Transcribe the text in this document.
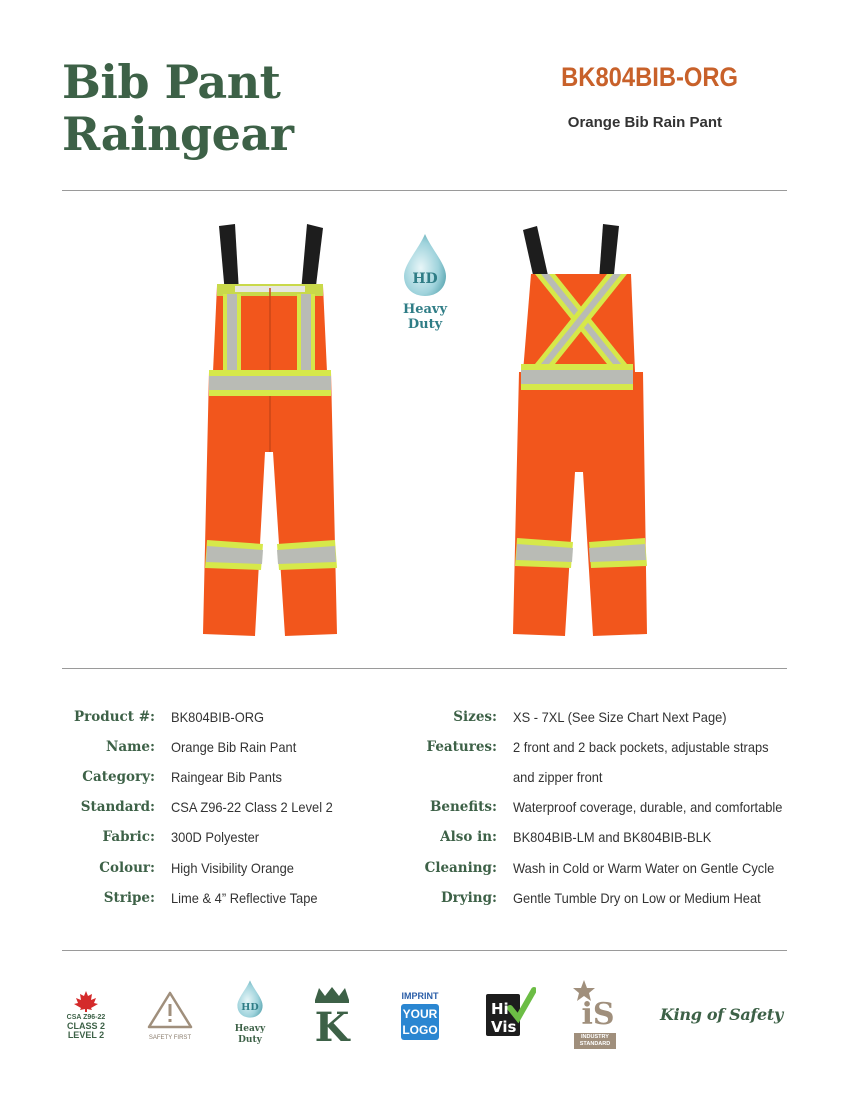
Bib Pant
Raingear
BK804BIB-ORG
Orange Bib Rain Pant
HD
Heavy
Duty
Product #: BK804BIB-ORG
Name: Orange Bib Rain Pant
Category: Raingear Bib Pants
Standard: CSA Z96-22 Class 2 Level 2
Fabric: 300D Polyester
Colour: High Visibility Orange
Stripe: Lime & 4” Reflective Tape
Sizes: XS - 7XL (See Size Chart Next Page)
Features: 2 front and 2 back pockets, adjustable straps
and zipper front
Benefits: Waterproof coverage, durable, and comfortable
Also in: BK804BIB-LM and BK804BIB-BLK
Cleaning: Wash in Cold or Warm Water on Gentle Cycle
Drying: Gentle Tumble Dry on Low or Medium Heat
CSA Z96-22
CLASS 2
LEVEL 2	SAFETY FIRST
HD
Heavy
Duty K
IMPRINT
YOUR
LOGO
Hi
Vis iS
INDUSTRY
STANDARD
King of Safety
